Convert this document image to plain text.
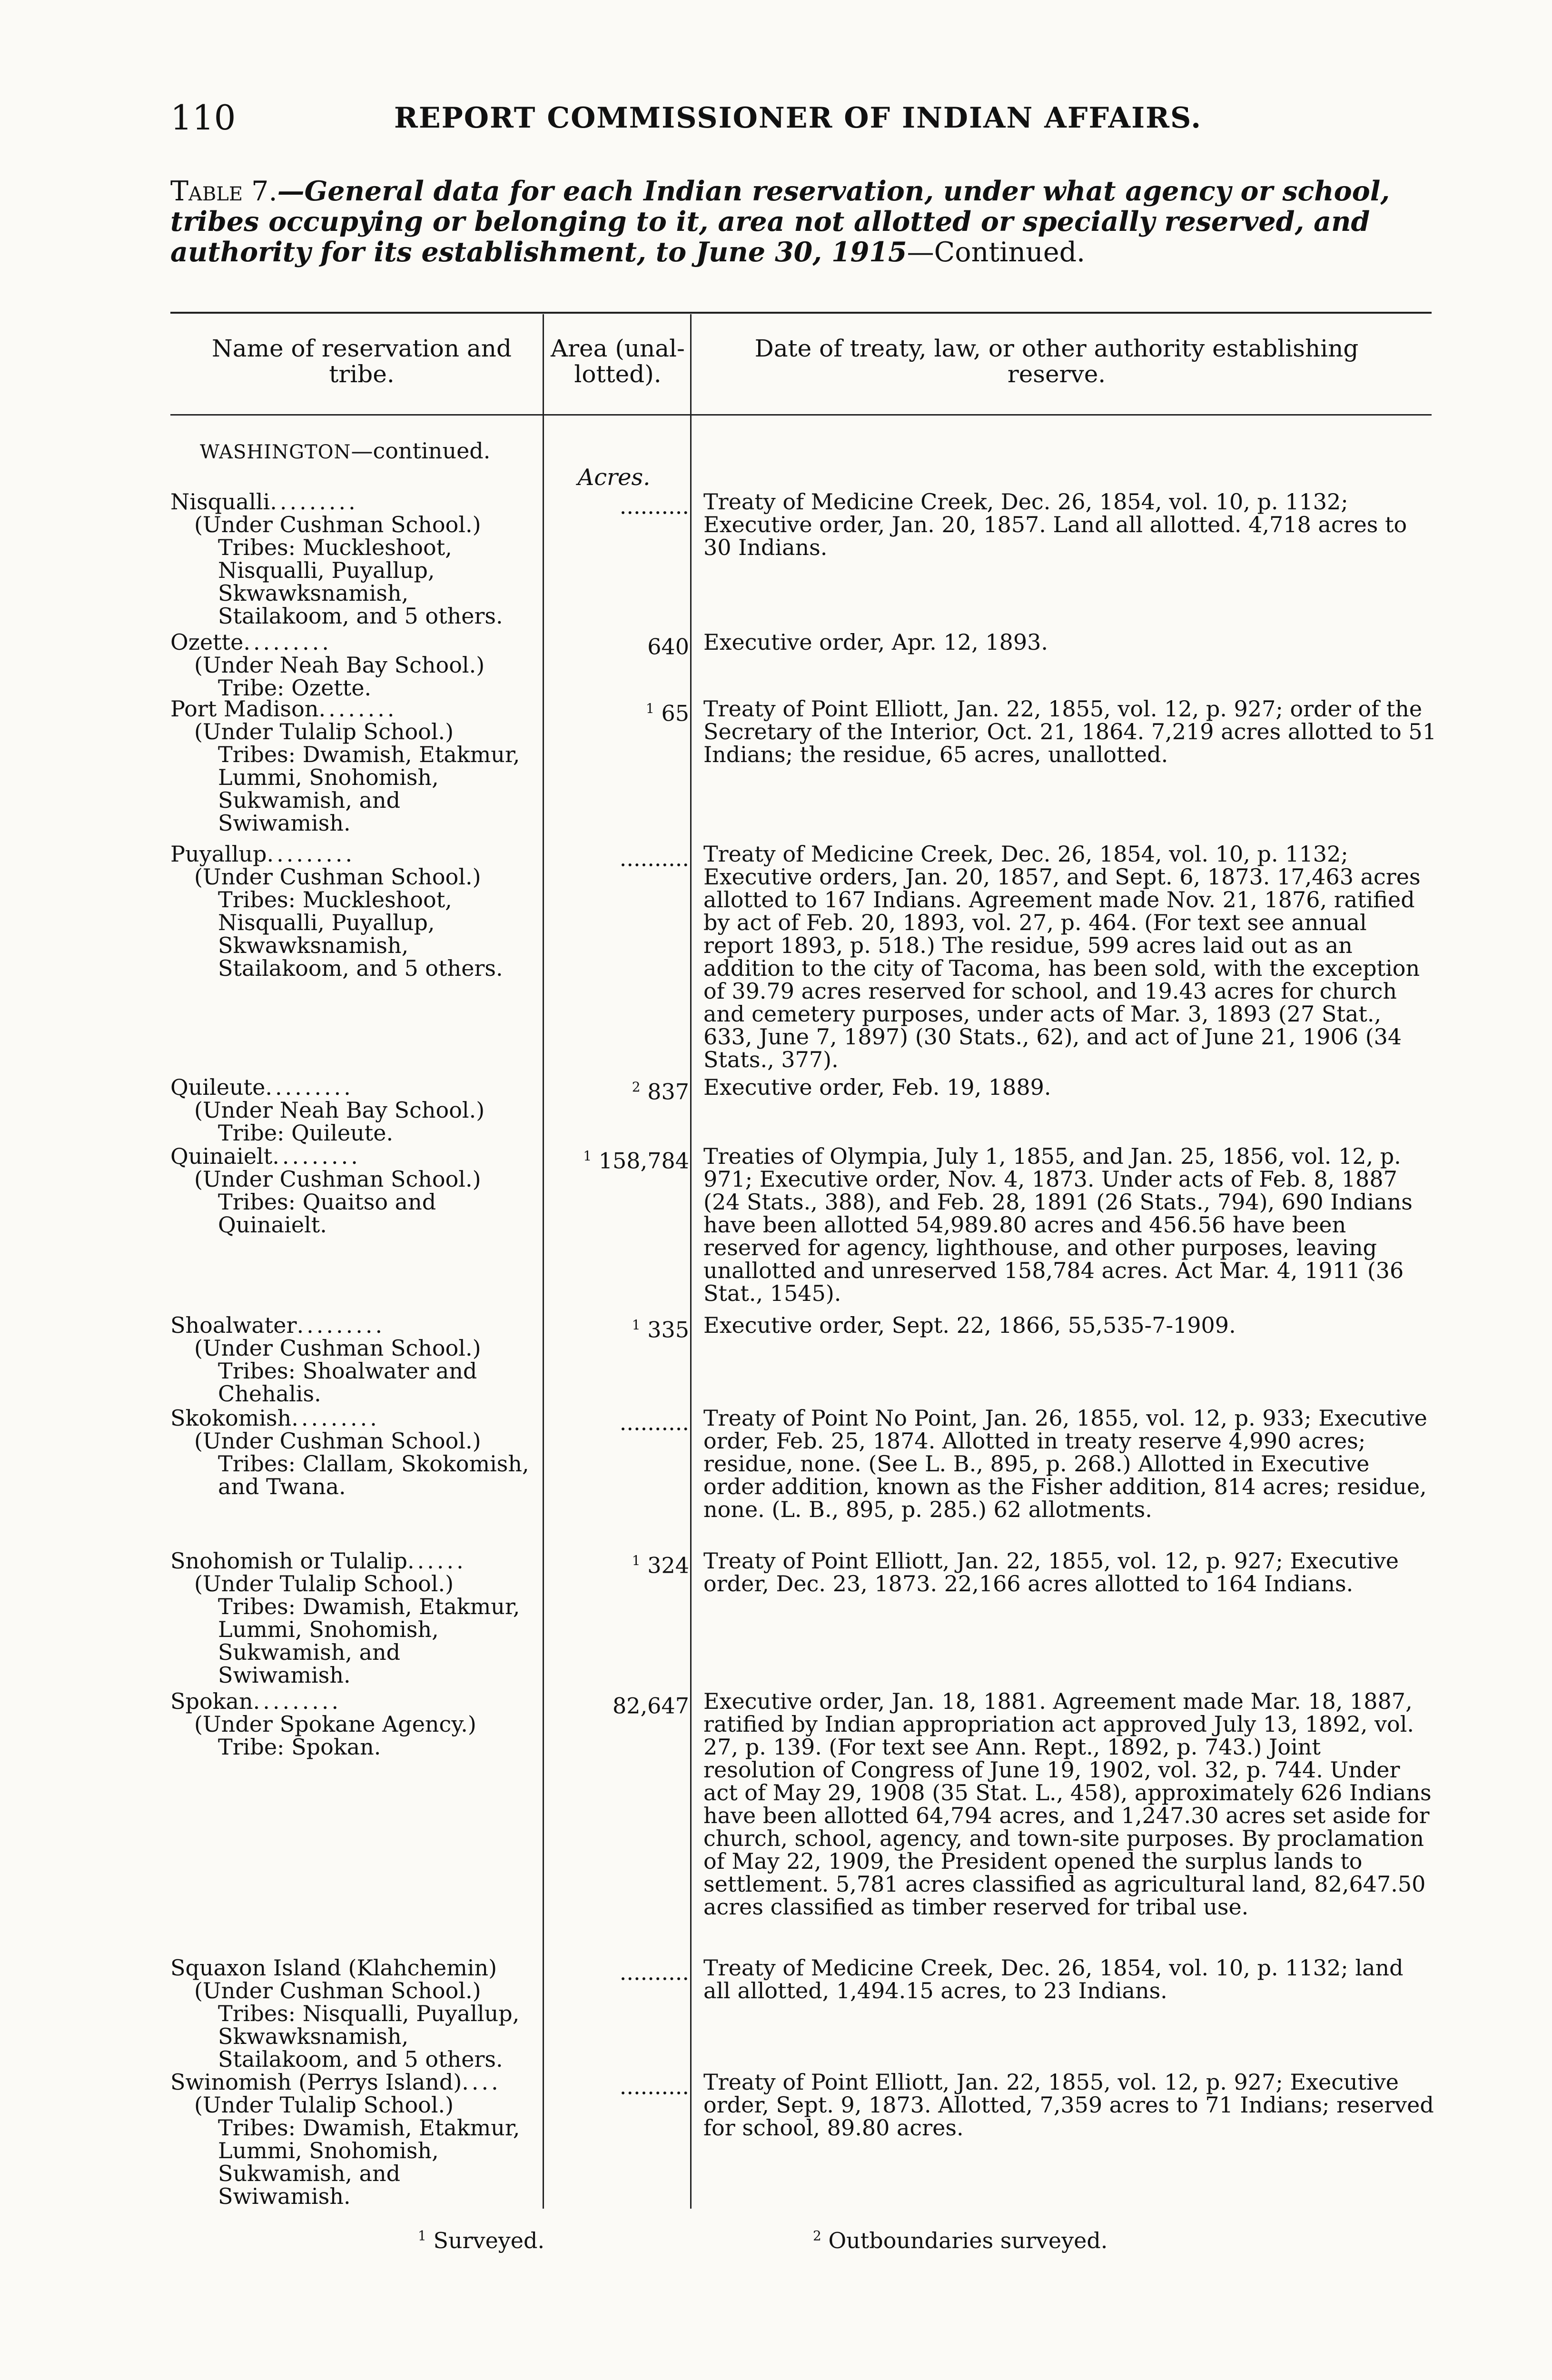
110	REPORT COMMISSIONER OF INDIAN AFFAIRS.
Table 7.—General data for each Indian reservation, under what agency or school, tribes occupying or belonging to it, area not allotted or specially reserved, and authority for its establishment, to June 30, 1915—Continued.
Name of reservation and tribe.
Area (unal-lotted).
Date of treaty, law, or other authority establishing reserve.
WASHINGTON—continued.
Acres.
Nisqualli.........
(Under Cushman School.)
Tribes: Muckleshoot, Nisqualli, Puyallup, Skwawksnamish, Stailakoom, and 5 others.
.......... Treaty of Medicine Creek, Dec. 26, 1854, vol. 10, p. 1132; Executive order, Jan. 20, 1857. Land all allotted. 4,718 acres to 30 Indians.
Ozette.........
(Under Neah Bay School.)
Tribe: Ozette.
640 Executive order, Apr. 12, 1893.
Port Madison........
(Under Tulalip School.)
Tribes: Dwamish, Etakmur, Lummi, Snohomish, Sukwamish, and Swiwamish.
$^1$ 65 Treaty of Point Elliott, Jan. 22, 1855, vol. 12, p. 927; order of the Secretary of the Interior, Oct. 21, 1864. 7,219 acres allotted to 51 Indians; the residue, 65 acres, unallotted.
Puyallup.........
(Under Cushman School.)
Tribes: Muckleshoot, Nisqualli, Puyallup, Skwawksnamish, Stailakoom, and 5 others.
.......... Treaty of Medicine Creek, Dec. 26, 1854, vol. 10, p. 1132; Executive orders, Jan. 20, 1857, and Sept. 6, 1873. 17,463 acres allotted to 167 Indians. Agreement made Nov. 21, 1876, ratified by act of Feb. 20, 1893, vol. 27, p. 464. (For text see annual report 1893, p. 518.) The residue, 599 acres laid out as an addition to the city of Tacoma, has been sold, with the exception of 39.79 acres reserved for school, and 19.43 acres for church and cemetery purposes, under acts of Mar. 3, 1893 (27 Stat., 633, June 7, 1897) (30 Stats., 62), and act of June 21, 1906 (34 Stats., 377).
Quileute.........
(Under Neah Bay School.)
Tribe: Quileute.
$^2$ 837 Executive order, Feb. 19, 1889.
Quinaielt.........
(Under Cushman School.)
Tribes: Quaitso and Quinaielt.
$^1$ 158,784 Treaties of Olympia, July 1, 1855, and Jan. 25, 1856, vol. 12, p. 971; Executive order, Nov. 4, 1873. Under acts of Feb. 8, 1887 (24 Stats., 388), and Feb. 28, 1891 (26 Stats., 794), 690 Indians have been allotted 54,989.80 acres and 456.56 have been reserved for agency, lighthouse, and other purposes, leaving unallotted and unreserved 158,784 acres. Act Mar. 4, 1911 (36 Stat., 1545).
Shoalwater.........
(Under Cushman School.)
Tribes: Shoalwater and Chehalis.
$^1$ 335 Executive order, Sept. 22, 1866, 55,535-7-1909.
Skokomish.........
(Under Cushman School.)
Tribes: Clallam, Skokomish, and Twana.
.......... Treaty of Point No Point, Jan. 26, 1855, vol. 12, p. 933; Executive order, Feb. 25, 1874. Allotted in treaty reserve 4,990 acres; residue, none. (See L. B., 895, p. 268.) Allotted in Executive order addition, known as the Fisher addition, 814 acres; residue, none. (L. B., 895, p. 285.) 62 allotments.
Snohomish or Tulalip......
(Under Tulalip School.)
Tribes: Dwamish, Etakmur, Lummi, Snohomish, Sukwamish, and Swiwamish.
$^1$ 324 Treaty of Point Elliott, Jan. 22, 1855, vol. 12, p. 927; Executive order, Dec. 23, 1873. 22,166 acres allotted to 164 Indians.
Spokan.........
(Under Spokane Agency.)
Tribe: Spokan.
82,647 Executive order, Jan. 18, 1881. Agreement made Mar. 18, 1887, ratified by Indian appropriation act approved July 13, 1892, vol. 27, p. 139. (For text see Ann. Rept., 1892, p. 743.) Joint resolution of Congress of June 19, 1902, vol. 32, p. 744. Under act of May 29, 1908 (35 Stat. L., 458), approximately 626 Indians have been allotted 64,794 acres, and 1,247.30 acres set aside for church, school, agency, and town-site purposes. By proclamation of May 22, 1909, the President opened the surplus lands to settlement. 5,781 acres classified as agricultural land, 82,647.50 acres classified as timber reserved for tribal use.
Squaxon Island (Klahchemin)
(Under Cushman School.)
Tribes: Nisqualli, Puyallup, Skwawksnamish, Stailakoom, and 5 others.
.......... Treaty of Medicine Creek, Dec. 26, 1854, vol. 10, p. 1132; land all allotted, 1,494.15 acres, to 23 Indians.
Swinomish (Perrys Island)....
(Under Tulalip School.)
Tribes: Dwamish, Etakmur, Lummi, Snohomish, Sukwamish, and Swiwamish.
.......... Treaty of Point Elliott, Jan. 22, 1855, vol. 12, p. 927; Executive order, Sept. 9, 1873. Allotted, 7,359 acres to 71 Indians; reserved for school, 89.80 acres.
$^1$ Surveyed.	$^2$ Outboundaries surveyed.
